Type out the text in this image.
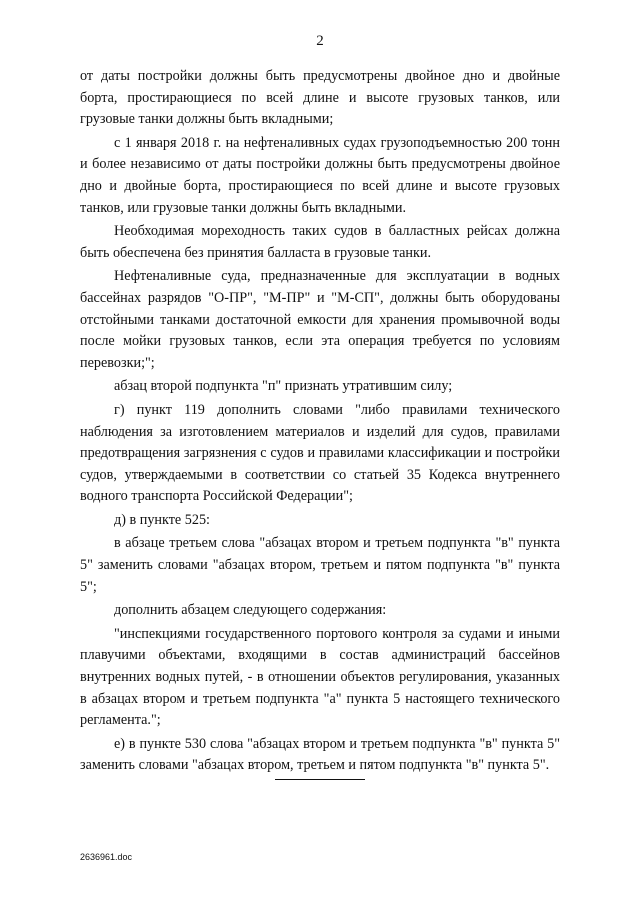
2

от даты постройки должны быть предусмотрены двойное дно и двойные борта, простирающиеся по всей длине и высоте грузовых танков, или грузовые танки должны быть вкладными;

с 1 января 2018 г. на нефтеналивных судах грузоподъемностью 200 тонн и более независимо от даты постройки должны быть предусмотрены двойное дно и двойные борта, простирающиеся по всей длине и высоте грузовых танков, или грузовые танки должны быть вкладными.

Необходимая мореходность таких судов в балластных рейсах должна быть обеспечена без принятия балласта в грузовые танки.

Нефтеналивные суда, предназначенные для эксплуатации в водных бассейнах разрядов "О-ПР", "М-ПР" и "М-СП", должны быть оборудованы отстойными танками достаточной емкости для хранения промывочной воды после мойки грузовых танков, если эта операция требуется по условиям перевозки;";

абзац второй подпункта "п" признать утратившим силу;

г) пункт 119 дополнить словами "либо правилами технического наблюдения за изготовлением материалов и изделий для судов, правилами предотвращения загрязнения с судов и правилами классификации и постройки судов, утверждаемыми в соответствии со статьей 35 Кодекса внутреннего водного транспорта Российской Федерации";

д) в пункте 525:

в абзаце третьем слова "абзацах втором и третьем подпункта "в" пункта 5" заменить словами "абзацах втором, третьем и пятом подпункта "в" пункта 5";

дополнить абзацем следующего содержания:

"инспекциями государственного портового контроля за судами и иными плавучими объектами, входящими в состав администраций бассейнов внутренних водных путей, - в отношении объектов регулирования, указанных в абзацах втором и третьем подпункта "а" пункта 5 настоящего технического регламента.";

е) в пункте 530 слова "абзацах втором и третьем подпункта "в" пункта 5" заменить словами "абзацах втором, третьем и пятом подпункта "в" пункта 5".

2636961.doc
